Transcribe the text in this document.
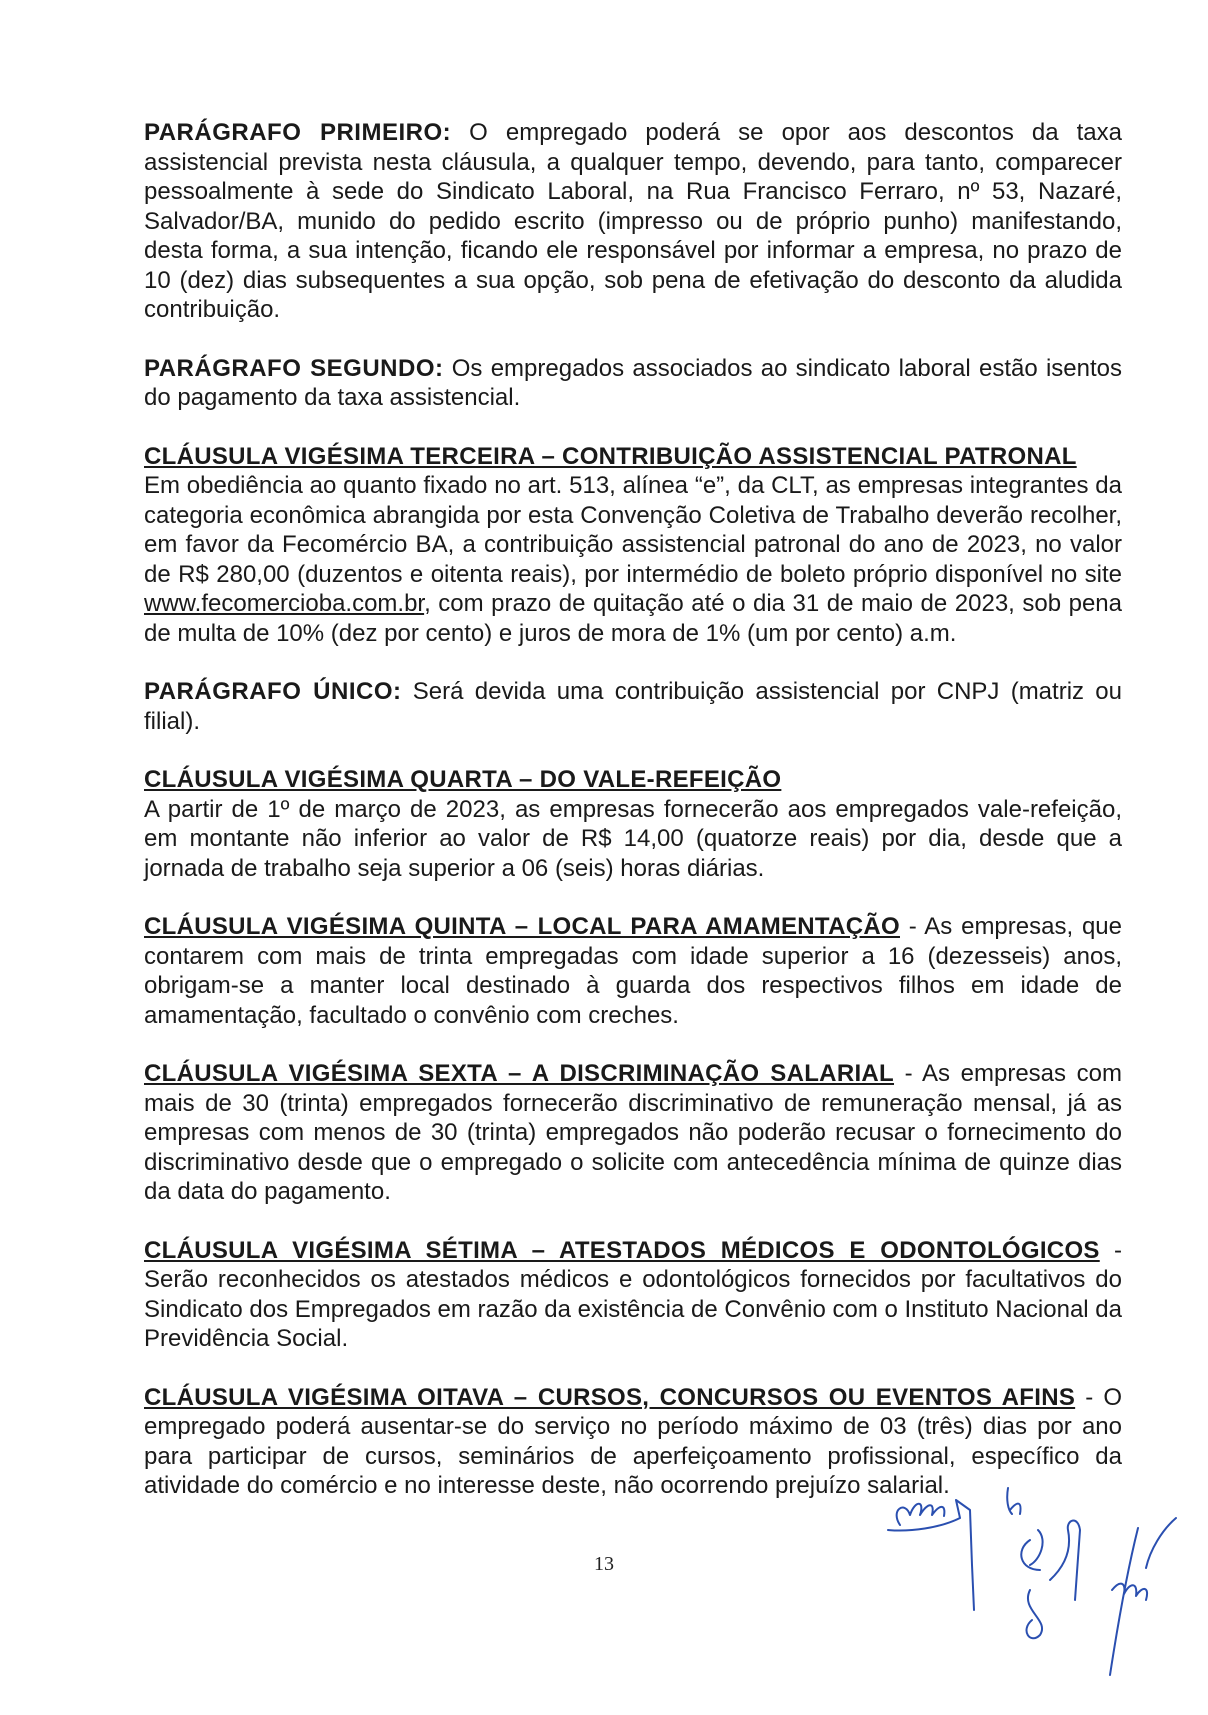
PARÁGRAFO PRIMEIRO: O empregado poderá se opor aos descontos da taxa assistencial prevista nesta cláusula, a qualquer tempo, devendo, para tanto, comparecer pessoalmente à sede do Sindicato Laboral, na Rua Francisco Ferraro, nº 53, Nazaré, Salvador/BA, munido do pedido escrito (impresso ou de próprio punho) manifestando, desta forma, a sua intenção, ficando ele responsável por informar a empresa, no prazo de 10 (dez) dias subsequentes a sua opção, sob pena de efetivação do desconto da aludida contribuição.

PARÁGRAFO SEGUNDO: Os empregados associados ao sindicato laboral estão isentos do pagamento da taxa assistencial.

CLÁUSULA VIGÉSIMA TERCEIRA – CONTRIBUIÇÃO ASSISTENCIAL PATRONAL
Em obediência ao quanto fixado no art. 513, alínea “e”, da CLT, as empresas integrantes da categoria econômica abrangida por esta Convenção Coletiva de Trabalho deverão recolher, em favor da Fecomércio BA, a contribuição assistencial patronal do ano de 2023, no valor de R$ 280,00 (duzentos e oitenta reais), por intermédio de boleto próprio disponível no site www.fecomercioba.com.br, com prazo de quitação até o dia 31 de maio de 2023, sob pena de multa de 10% (dez por cento) e juros de mora de 1% (um por cento) a.m.

PARÁGRAFO ÚNICO: Será devida uma contribuição assistencial por CNPJ (matriz ou filial).

CLÁUSULA VIGÉSIMA QUARTA – DO VALE-REFEIÇÃO
A partir de 1º de março de 2023, as empresas fornecerão aos empregados vale-refeição, em montante não inferior ao valor de R$ 14,00 (quatorze reais) por dia, desde que a jornada de trabalho seja superior a 06 (seis) horas diárias.

CLÁUSULA VIGÉSIMA QUINTA – LOCAL PARA AMAMENTAÇÃO - As empresas, que contarem com mais de trinta empregadas com idade superior a 16 (dezesseis) anos, obrigam-se a manter local destinado à guarda dos respectivos filhos em idade de amamentação, facultado o convênio com creches.

CLÁUSULA VIGÉSIMA SEXTA – A DISCRIMINAÇÃO SALARIAL - As empresas com mais de 30 (trinta) empregados fornecerão discriminativo de remuneração mensal, já as empresas com menos de 30 (trinta) empregados não poderão recusar o fornecimento do discriminativo desde que o empregado o solicite com antecedência mínima de quinze dias da data do pagamento.

CLÁUSULA VIGÉSIMA SÉTIMA – ATESTADOS MÉDICOS E ODONTOLÓGICOS - Serão reconhecidos os atestados médicos e odontológicos fornecidos por facultativos do Sindicato dos Empregados em razão da existência de Convênio com o Instituto Nacional da Previdência Social.

CLÁUSULA VIGÉSIMA OITAVA – CURSOS, CONCURSOS OU EVENTOS AFINS - O empregado poderá ausentar-se do serviço no período máximo de 03 (três) dias por ano para participar de cursos, seminários de aperfeiçoamento profissional, específico da atividade do comércio e no interesse deste, não ocorrendo prejuízo salarial.

13
